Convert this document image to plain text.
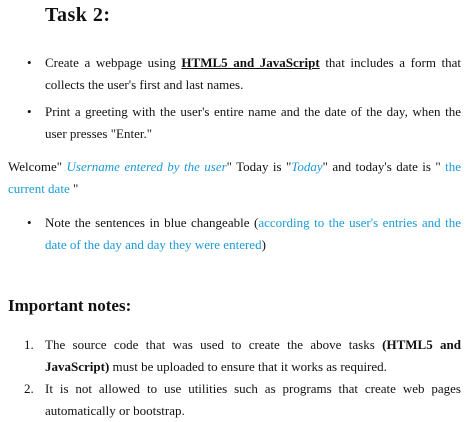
Task 2:
• Create a webpage using HTML5 and JavaScript that includes a form that
collects the user's first and last names.
• Print a greeting with the user's entire name and the date of the day, when the
user presses "Enter."
Welcome" Username entered by the user" Today is "Today" and today's date is " the
current date "
• Note the sentences in blue changeable (according to the user's entries and the
date of the day and day they were entered)
Important notes:
1. The source code that was used to create the above tasks (HTML5 and
JavaScript) must be uploaded to ensure that it works as required.
2. It is not allowed to use utilities such as programs that create web pages
automatically or bootstrap.
